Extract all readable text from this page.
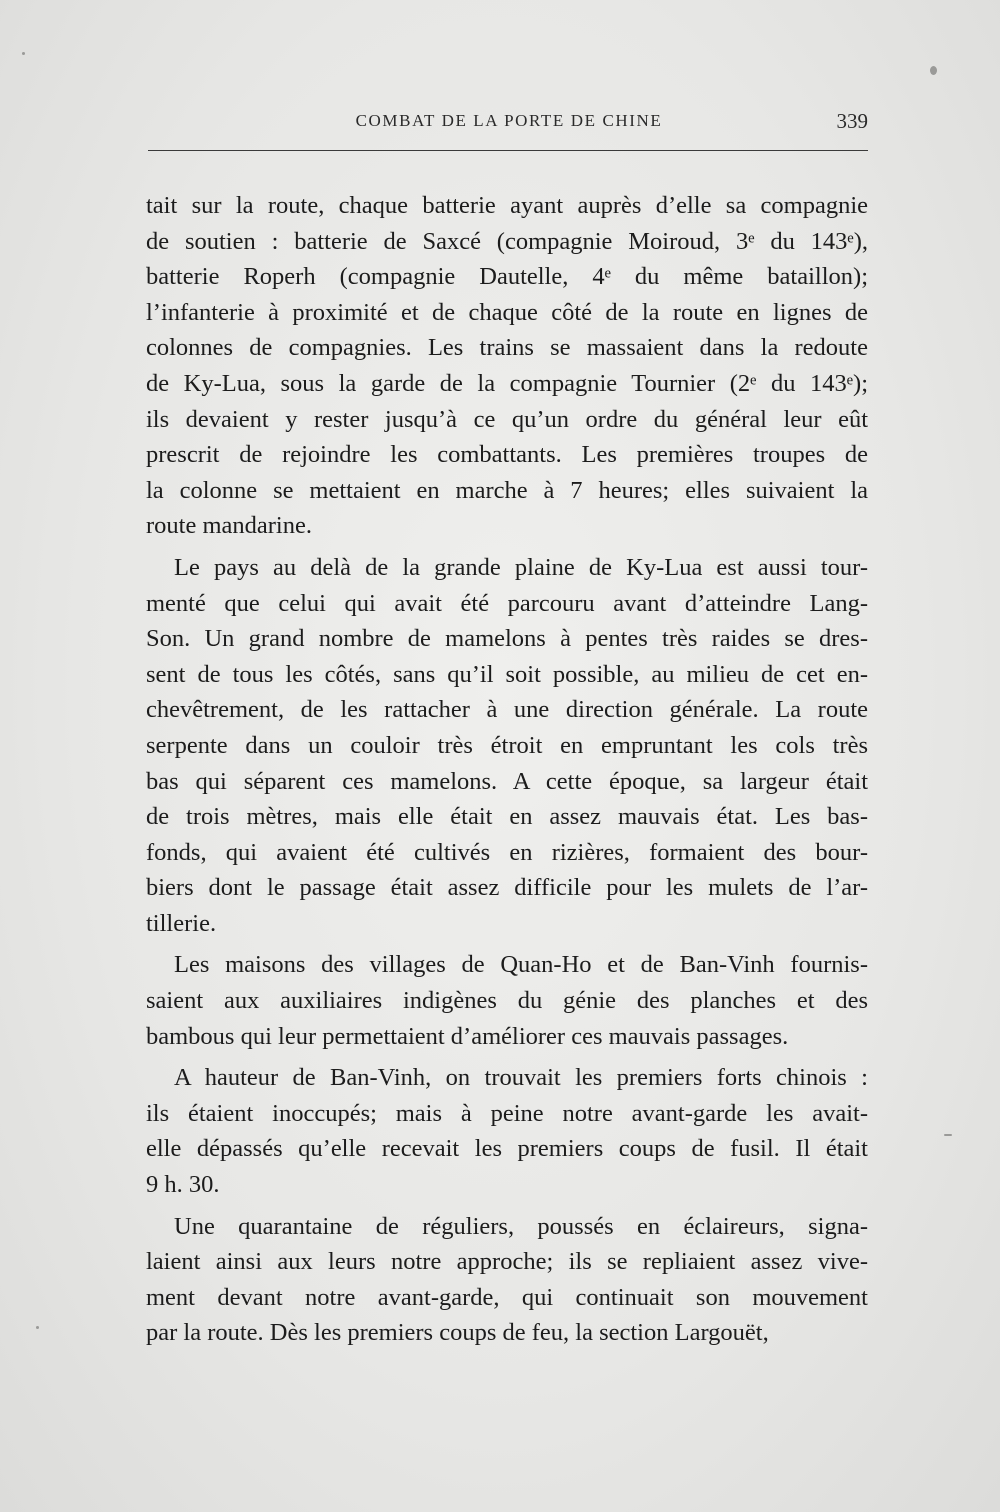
COMBAT DE LA PORTE DE CHINE	339
tait sur la route, chaque batterie ayant auprès d’elle sa compagnie
de soutien : batterie de Saxcé (compagnie Moiroud, 3ᵉ du 143ᵉ),
batterie Roperh (compagnie Dautelle, 4ᵉ du même bataillon);
l’infanterie à proximité et de chaque côté de la route en lignes de
colonnes de compagnies. Les trains se massaient dans la redoute
de Ky-Lua, sous la garde de la compagnie Tournier (2ᵉ du 143ᵉ);
ils devaient y rester jusqu’à ce qu’un ordre du général leur eût
prescrit de rejoindre les combattants. Les premières troupes de
la colonne se mettaient en marche à 7 heures; elles suivaient la
route mandarine.
Le pays au delà de la grande plaine de Ky-Lua est aussi tour-
menté que celui qui avait été parcouru avant d’atteindre Lang-
Son. Un grand nombre de mamelons à pentes très raides se dres-
sent de tous les côtés, sans qu’il soit possible, au milieu de cet en-
chevêtrement, de les rattacher à une direction générale. La route
serpente dans un couloir très étroit en empruntant les cols très
bas qui séparent ces mamelons. A cette époque, sa largeur était
de trois mètres, mais elle était en assez mauvais état. Les bas-
fonds, qui avaient été cultivés en rizières, formaient des bour-
biers dont le passage était assez difficile pour les mulets de l’ar-
tillerie.
Les maisons des villages de Quan-Ho et de Ban-Vinh fournis-
saient aux auxiliaires indigènes du génie des planches et des
bambous qui leur permettaient d’améliorer ces mauvais passages.
A hauteur de Ban-Vinh, on trouvait les premiers forts chinois :
ils étaient inoccupés; mais à peine notre avant-garde les avait-
elle dépassés qu’elle recevait les premiers coups de fusil. Il était
9 h. 30.
Une quarantaine de réguliers, poussés en éclaireurs, signa-
laient ainsi aux leurs notre approche; ils se repliaient assez vive-
ment devant notre avant-garde, qui continuait son mouvement
par la route. Dès les premiers coups de feu, la section Largouët,
